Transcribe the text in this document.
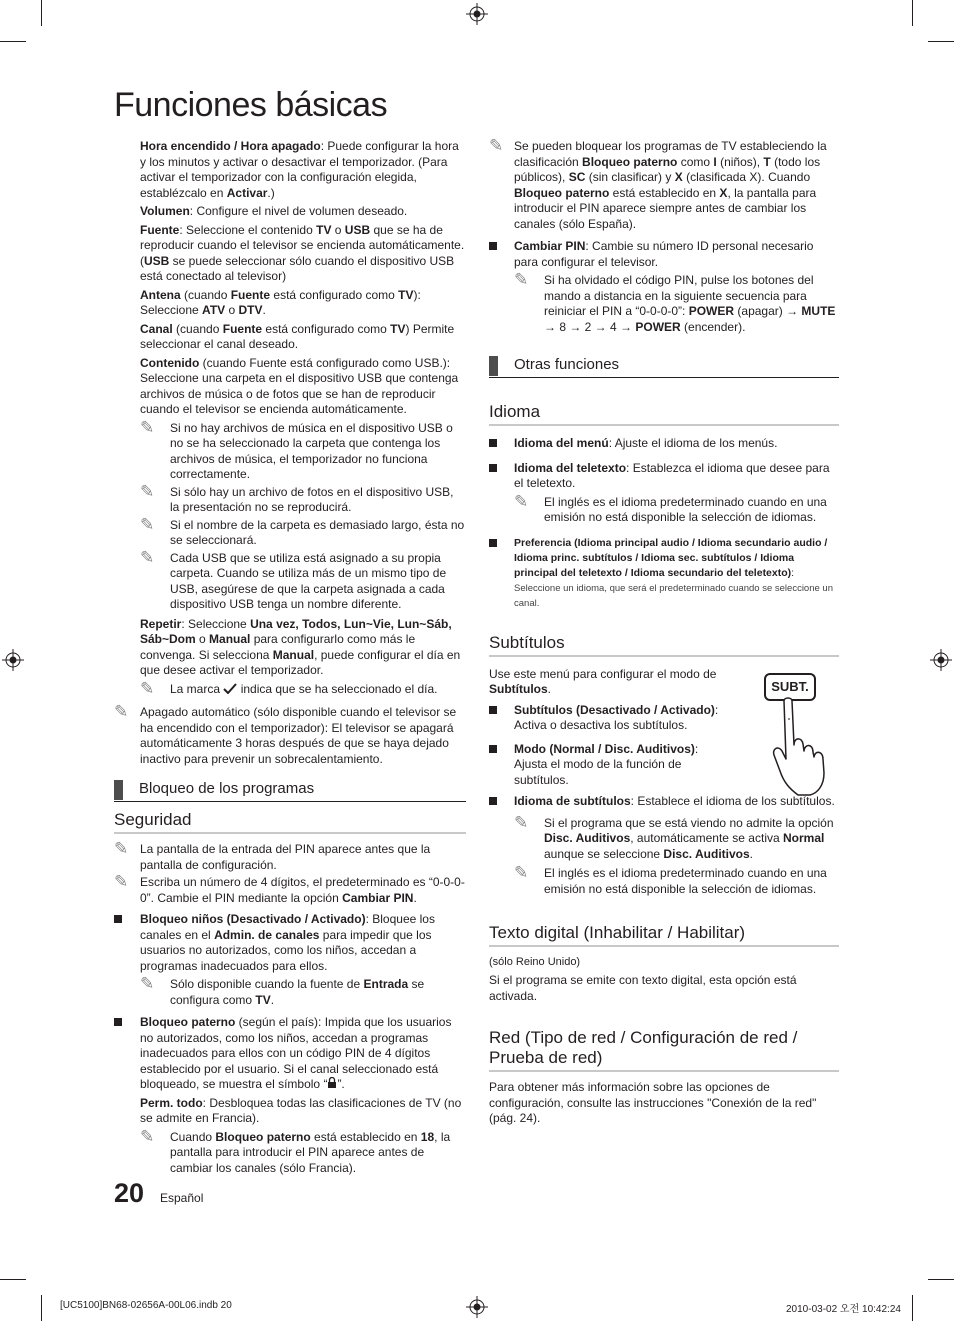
Funciones básicas

Hora encendido / Hora apagado: Puede configurar la hora y los minutos y activar o desactivar el temporizador. (Para activar el temporizador con la configuración elegida, establézcalo en Activar.)

Volumen: Configure el nivel de volumen deseado.

Fuente: Seleccione el contenido TV o USB que se ha de reproducir cuando el televisor se encienda automáticamente. (USB se puede seleccionar sólo cuando el dispositivo USB está conectado al televisor)

Antena (cuando Fuente está configurado como TV): Seleccione ATV o DTV.

Canal (cuando Fuente está configurado como TV) Permite seleccionar el canal deseado.

Contenido (cuando Fuente está configurado como USB.): Seleccione una carpeta en el dispositivo USB que contenga archivos de música o de fotos que se han de reproducir cuando el televisor se encienda automáticamente.

✎ Si no hay archivos de música en el dispositivo USB o no se ha seleccionado la carpeta que contenga los archivos de música, el temporizador no funciona correctamente.
✎ Si sólo hay un archivo de fotos en el dispositivo USB, la presentación no se reproducirá.
✎ Si el nombre de la carpeta es demasiado largo, ésta no se seleccionará.
✎ Cada USB que se utiliza está asignado a su propia carpeta. Cuando se utiliza más de un mismo tipo de USB, asegúrese de que la carpeta asignada a cada dispositivo USB tenga un nombre diferente.

Repetir: Seleccione Una vez, Todos, Lun~Vie, Lun~Sáb, Sáb~Dom o Manual para configurarlo como más le convenga. Si selecciona Manual, puede configurar el día en que desee activar el temporizador.

✎ La marca  indica que se ha seleccionado el día.
✎ Apagado automático (sólo disponible cuando el televisor se ha encendido con el temporizador): El televisor se apagará automáticamente 3 horas después de que se haya dejado inactivo para prevenir un sobrecalentamiento.
Bloqueo de los programas
Seguridad
✎ La pantalla de la entrada del PIN aparece antes que la pantalla de configuración.
✎ Escriba un número de 4 dígitos, el predeterminado es “0-0-0-0”. Cambie el PIN mediante la opción Cambiar PIN.
Bloqueo niños (Desactivado / Activado): Bloquee los canales en el Admin. de canales para impedir que los usuarios no autorizados, como los niños, accedan a programas inadecuados para ellos.
✎ Sólo disponible cuando la fuente de Entrada se configura como TV.
Bloqueo paterno (según el país): Impida que los usuarios no autorizados, como los niños, accedan a programas inadecuados para ellos con un código PIN de 4 dígitos establecido por el usuario. Si el canal seleccionado está bloqueado, se muestra el símbolo “ ”.

Perm. todo: Desbloquea todas las clasificaciones de TV (no se admite en Francia).

✎ Cuando Bloqueo paterno está establecido en 18, la pantalla para introducir el PIN aparece antes de cambiar los canales (sólo Francia).
✎ Se pueden bloquear los programas de TV estableciendo la clasificación Bloqueo paterno como I (niños), T (todo los públicos), SC (sin clasificar) y X (clasificada X). Cuando Bloqueo paterno está establecido en X, la pantalla para introducir el PIN aparece siempre antes de cambiar los canales (sólo España).
Cambiar PIN: Cambie su número ID personal necesario para configurar el televisor.
✎ Si ha olvidado el código PIN, pulse los botones del mando a distancia en la siguiente secuencia para reiniciar el PIN a “0-0-0-0”: POWER (apagar) → MUTE → 8 → 2 → 4 → POWER (encender).
Otras funciones
Idioma
Idioma del menú: Ajuste el idioma de los menús.
Idioma del teletexto: Establezca el idioma que desee para el teletexto.
✎ El inglés es el idioma predeterminado cuando en una emisión no está disponible la selección de idiomas.
Preferencia (Idioma principal audio / Idioma secundario audio / Idioma princ. subtítulos / Idioma sec. subtítulos / Idioma principal del teletexto / Idioma secundario del teletexto):
Seleccione un idioma, que será el predeterminado cuando se seleccione un canal.
Subtítulos

Use este menú para configurar el modo de Subtítulos.

Subtítulos (Desactivado / Activado): Activa o desactiva los subtítulos.
Modo (Normal / Disc. Auditivos): Ajusta el modo de la función de subtítulos.
SUBT.
Idioma de subtítulos: Establece el idioma de los subtítulos.
✎ Si el programa que se está viendo no admite la opción Disc. Auditivos, automáticamente se activa Normal aunque se seleccione Disc. Auditivos.
✎ El inglés es el idioma predeterminado cuando en una emisión no está disponible la selección de idiomas.
Texto digital (Inhabilitar / Habilitar)

(sólo Reino Unido)

Si el programa se emite con texto digital, esta opción está activada.

Red (Tipo de red / Configuración de red / Prueba de red)

Para obtener más información sobre las opciones de configuración, consulte las instrucciones "Conexión de la red" (pág. 24).

20 Español
[UC5100]BN68-02656A-00L06.indb 20	2010-03-02 오전 10:42:24
